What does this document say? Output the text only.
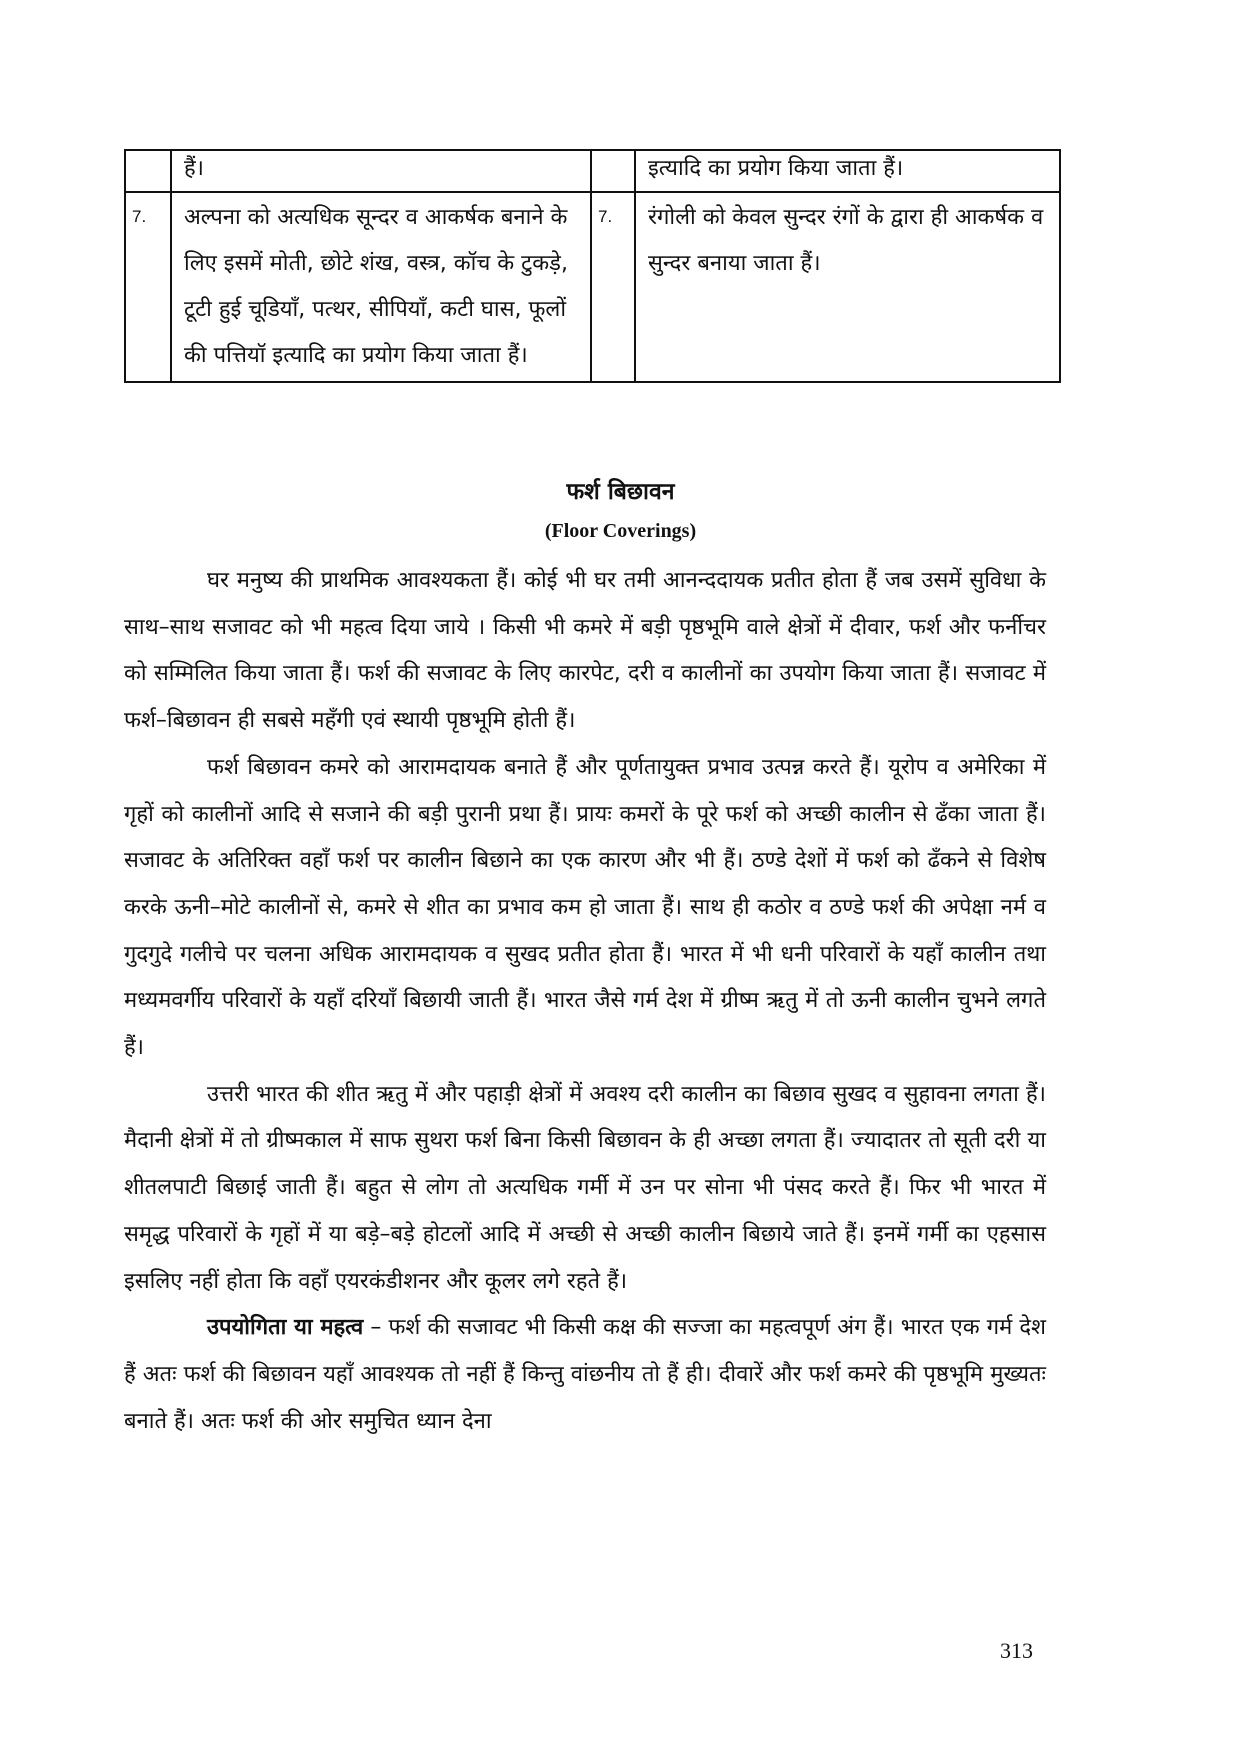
	हैं।		इत्यादि का प्रयोग किया जाता हैं।
7.	अल्पना को अत्यधिक सून्दर व आकर्षक बनाने के लिए इसमें मोती, छोटे शंख, वस्त्र, कॉच के टुकड़े, टूटी हुई चूडियाँ, पत्थर, सीपियाँ, कटी घास, फूलों की पत्तियॉ इत्यादि का प्रयोग किया जाता हैं।	7.	रंगोली को केवल सुन्दर रंगों के द्वारा ही आकर्षक व सुन्दर बनाया जाता हैं।
फर्श बिछावन
(Floor Coverings)

घर मनुष्य की प्राथमिक आवश्यकता हैं। कोई भी घर तमी आनन्ददायक प्रतीत होता हैं जब उसमें सुविधा के साथ–साथ सजावट को भी महत्व दिया जाये । किसी भी कमरे में बड़ी पृष्ठभूमि वाले क्षेत्रों में दीवार, फर्श और फर्नीचर को सम्मिलित किया जाता हैं। फर्श की सजावट के लिए कारपेट, दरी व कालीनों का उपयोग किया जाता हैं। सजावट में फर्श–बिछावन ही सबसे महँगी एवं स्थायी पृष्ठभूमि होती हैं।

फर्श बिछावन कमरे को आरामदायक बनाते हैं और पूर्णतायुक्त प्रभाव उत्पन्न करते हैं। यूरोप व अमेरिका में गृहों को कालीनों आदि से सजाने की बड़ी पुरानी प्रथा हैं। प्रायः कमरों के पूरे फर्श को अच्छी कालीन से ढँका जाता हैं। सजावट के अतिरिक्त वहाँ फर्श पर कालीन बिछाने का एक कारण और भी हैं। ठण्डे देशों में फर्श को ढँकने से विशेष करके ऊनी–मोटे कालीनों से, कमरे से शीत का प्रभाव कम हो जाता हैं। साथ ही कठोर व ठण्डे फर्श की अपेक्षा नर्म व गुदगुदे गलीचे पर चलना अधिक आरामदायक व सुखद प्रतीत होता हैं। भारत में भी धनी परिवारों के यहाँ कालीन तथा मध्यमवर्गीय परिवारों के यहाँ दरियाँ बिछायी जाती हैं। भारत जैसे गर्म देश में ग्रीष्म ऋतु में तो ऊनी कालीन चुभने लगते हैं।

उत्तरी भारत की शीत ऋतु में और पहाड़ी क्षेत्रों में अवश्य दरी कालीन का बिछाव सुखद व सुहावना लगता हैं। मैदानी क्षेत्रों में तो ग्रीष्मकाल में साफ सुथरा फर्श बिना किसी बिछावन के ही अच्छा लगता हैं। ज्यादातर तो सूती दरी या शीतलपाटी बिछाई जाती हैं। बहुत से लोग तो अत्यधिक गर्मी में उन पर सोना भी पंसद करते हैं। फिर भी भारत में समृद्ध परिवारों के गृहों में या बड़े–बड़े होटलों आदि में अच्छी से अच्छी कालीन बिछाये जाते हैं। इनमें गर्मी का एहसास इसलिए नहीं होता कि वहाँ एयरकंडीशनर और कूलर लगे रहते हैं।

उपयोगिता या महत्व – फर्श की सजावट भी किसी कक्ष की सज्जा का महत्वपूर्ण अंग हैं। भारत एक गर्म देश हैं अतः फर्श की बिछावन यहाँ आवश्यक तो नहीं हैं किन्तु वांछनीय तो हैं ही। दीवारें और फर्श कमरे की पृष्ठभूमि मुख्यतः बनाते हैं। अतः फर्श की ओर समुचित ध्यान देना

313
